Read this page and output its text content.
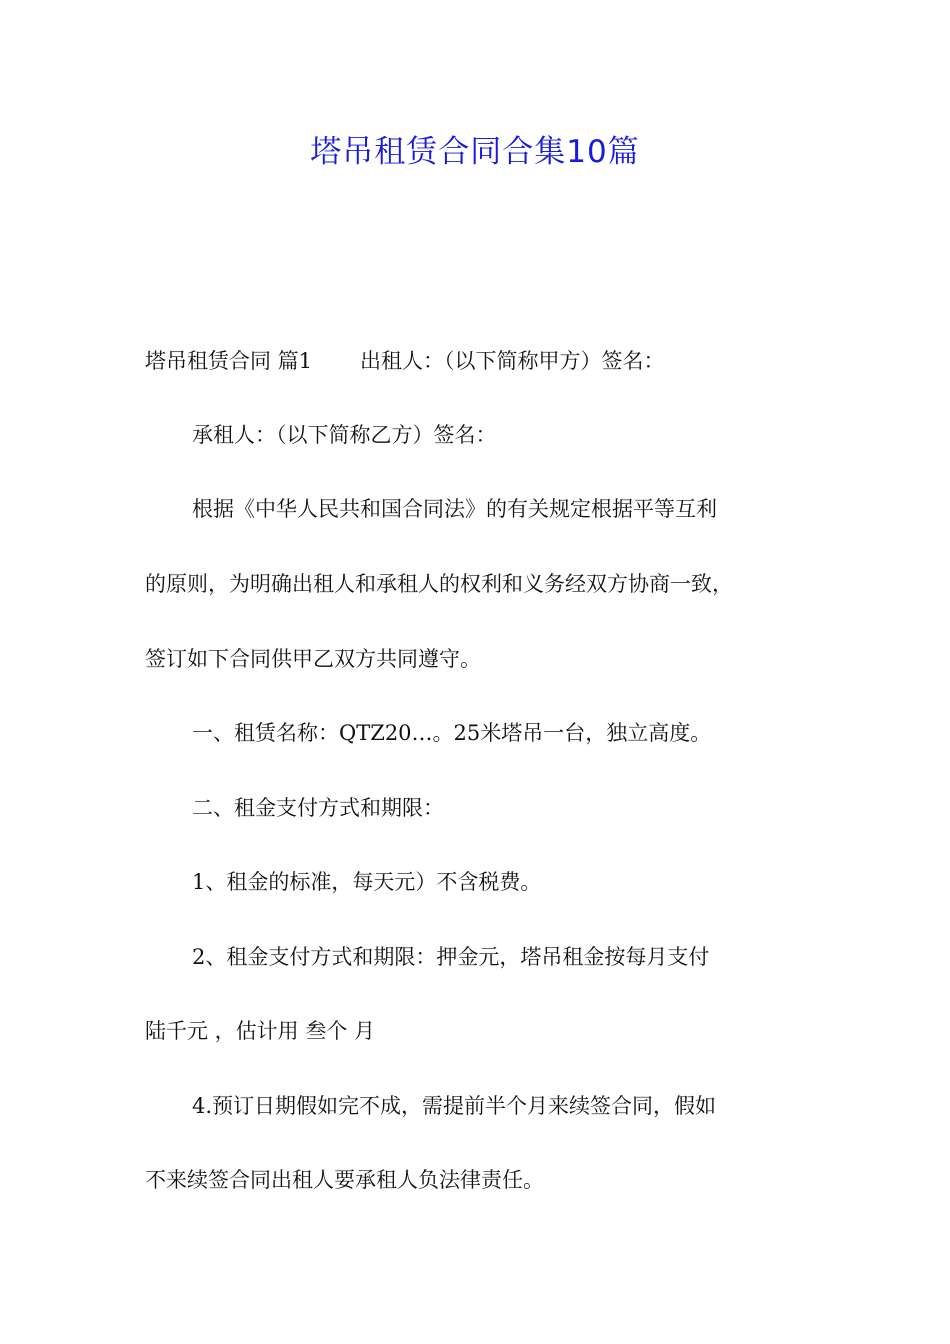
塔吊租赁合同合集10篇
塔吊租赁合同 篇1 出租人：（以下简称甲方）签名：
承租人：（以下简称乙方）签名：
根据《中华人民共和国合同法》的有关规定根据平等互利
的原则，为明确出租人和承租人的权利和义务经双方协商一致，
签订如下合同供甲乙双方共同遵守。
一、租赁名称：QTZ20…。25米塔吊一台，独立高度。
二、租金支付方式和期限：
1、租金的标准，每天元）不含税费。
2、租金支付方式和期限：押金元，塔吊租金按每月支付
陆千元 ，估计用 叁个 月
4.预订日期假如完不成，需提前半个月来续签合同，假如
不来续签合同出租人要承租人负法律责任。
